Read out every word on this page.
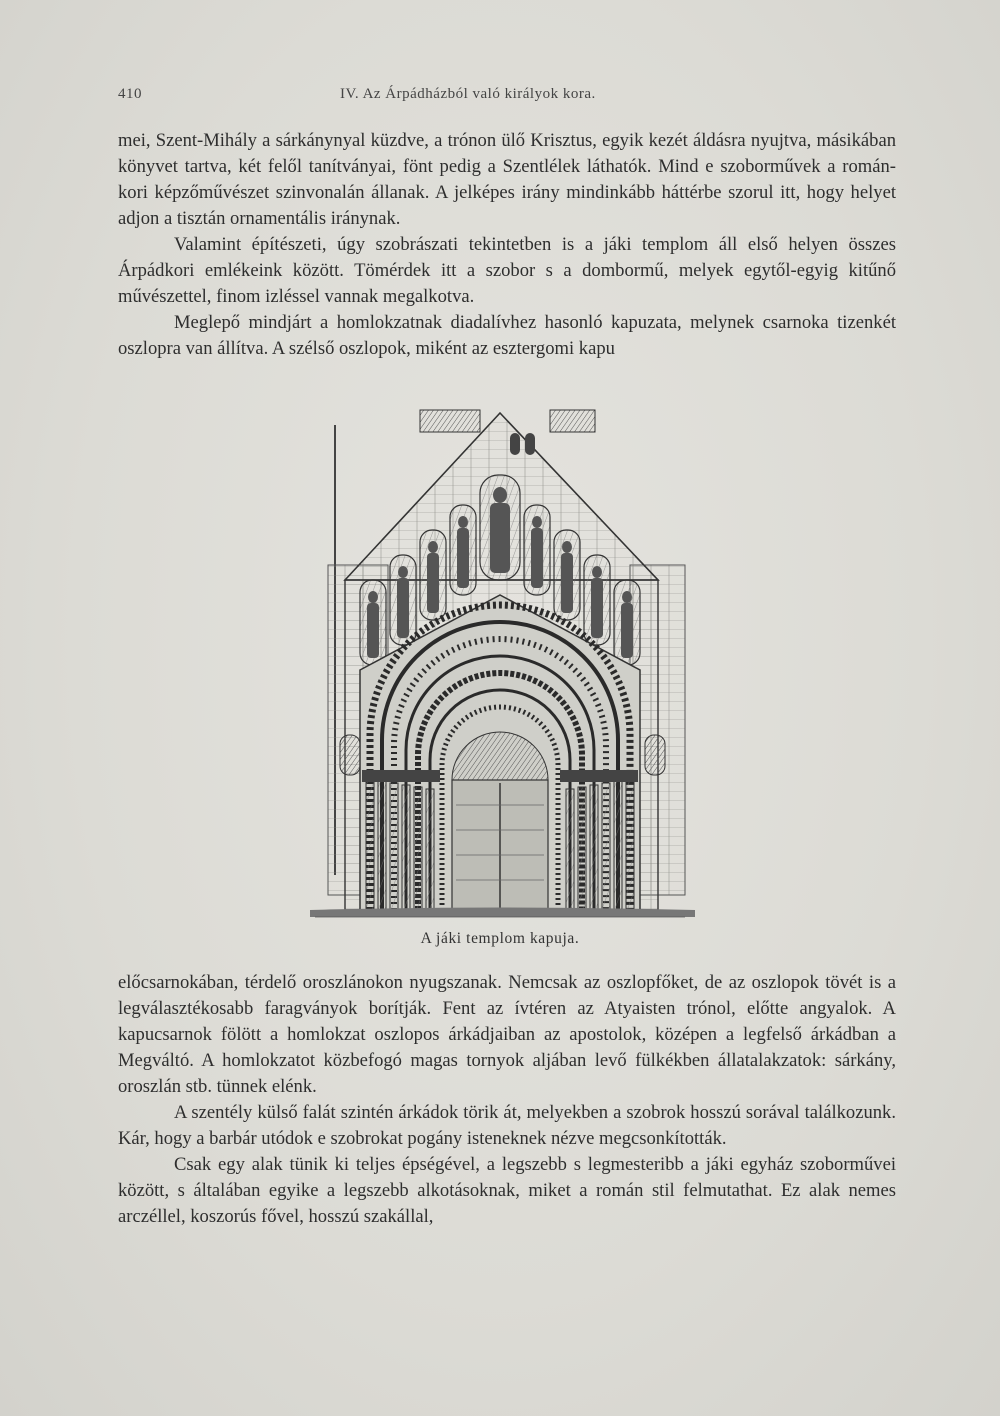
410	IV. Az Árpádházból való királyok kora.

mei, Szent-Mihály a sárkánynyal küzdve, a trónon ülő Krisztus, egyik kezét áldásra nyujtva, másikában könyvet tartva, két felől tanítványai, fönt pedig a Szentlélek láthatók. Mind e szoborművek a román-kori képzőművészet szinvonalán állanak. A jelképes irány mindinkább háttérbe szorul itt, hogy helyet adjon a tisztán ornamentális iránynak.

Valamint építészeti, úgy szobrászati tekintetben is a jáki templom áll első helyen összes Árpádkori emlékeink között. Tömérdek itt a szobor s a dombormű, melyek egytől-egyig kitűnő művészettel, finom izléssel vannak megalkotva.

Meglepő mindjárt a homlokzatnak diadalívhez hasonló kapuzata, melynek csarnoka tizenkét oszlopra van állítva. A szélső oszlopok, miként az esztergomi kapu

A jáki templom kapuja.

előcsarnokában, térdelő oroszlánokon nyugszanak. Nemcsak az oszlopfőket, de az oszlopok tövét is a legválasztékosabb faragványok borítják. Fent az ívtéren az Atyaisten trónol, előtte angyalok. A kapucsarnok fölött a homlokzat oszlopos árkádjaiban az apostolok, középen a legfelső árkádban a Megváltó. A homlokzatot közbefogó magas tornyok aljában levő fülkékben állatalakzatok: sárkány, oroszlán stb. tünnek elénk.

A szentély külső falát szintén árkádok törik át, melyekben a szobrok hosszú sorával találkozunk. Kár, hogy a barbár utódok e szobrokat pogány isteneknek nézve megcsonkították.

Csak egy alak tünik ki teljes épségével, a legszebb s legmesteribb a jáki egyház szoborművei között, s általában egyike a legszebb alkotásoknak, miket a román stil felmutathat. Ez alak nemes arczéllel, koszorús fővel, hosszú szakállal,
